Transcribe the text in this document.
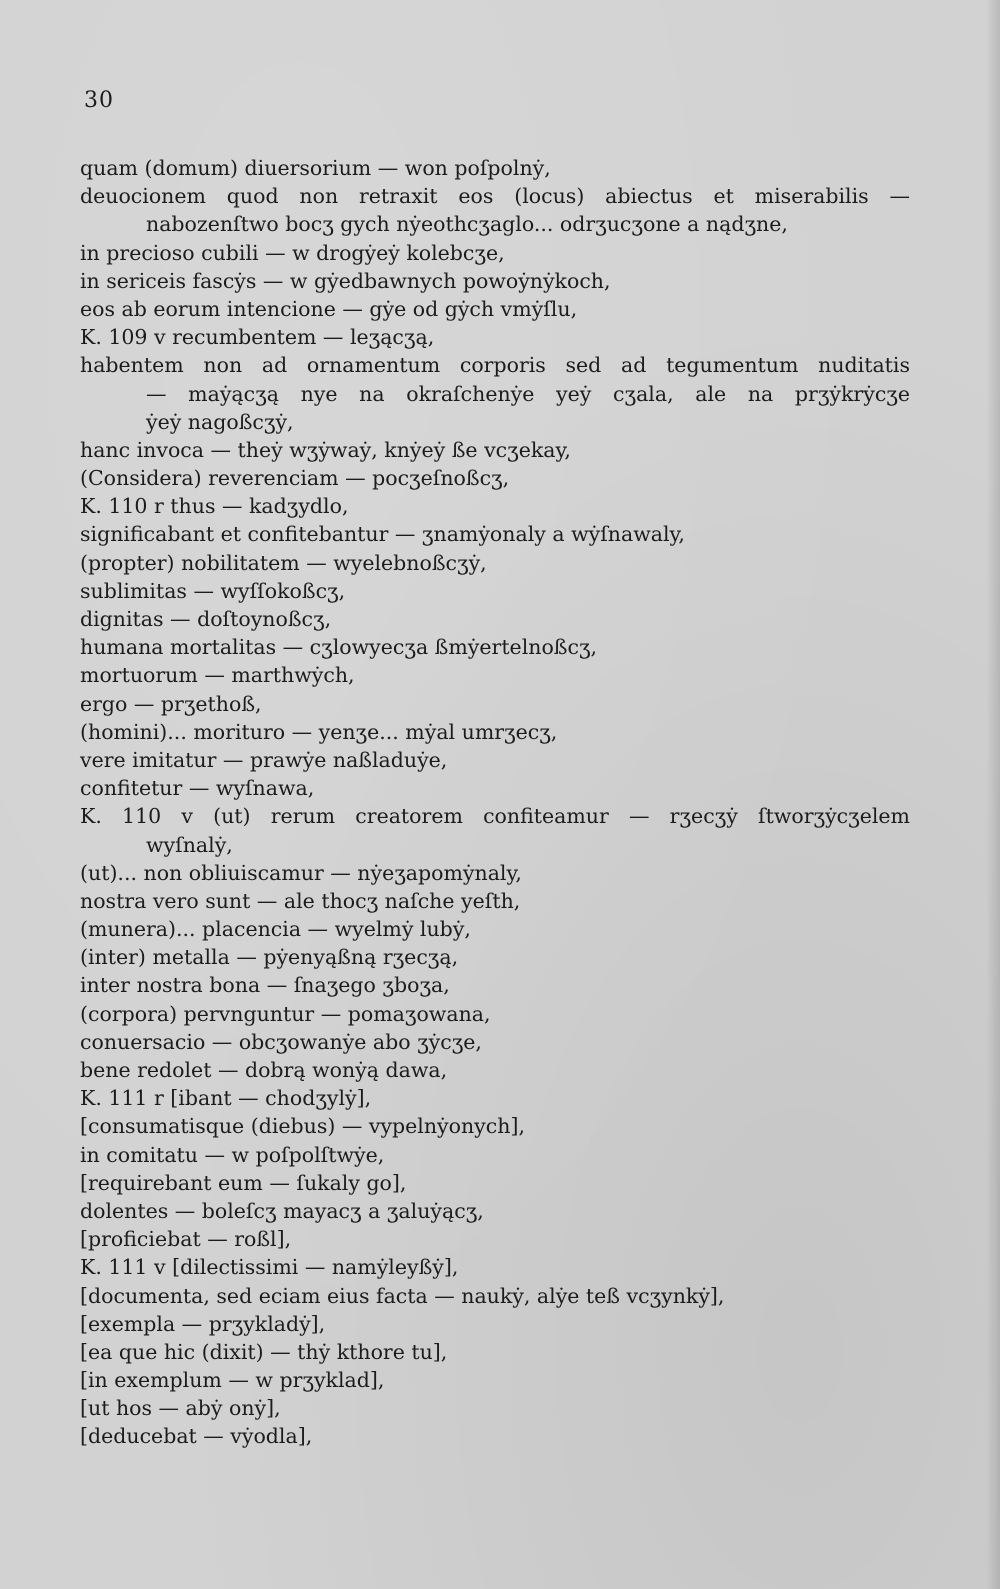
30
quam (domum) diuersorium — won poſpolnẏ,
deuocionem quod non retraxit eos (locus) abiectus et miserabilis —
nabozenſtwo bocʒ gych nẏeothcʒaglo... odrʒucʒone a nądʒne,
in precioso cubili — w drogẏeẏ kolebcʒe,
in sericeis fascẏs — w gẏedbawnych powoẏnẏkoch,
eos ab eorum intencione — gẏe od gẏch vmẏſlu,
K. 109 v recumbentem — leʒącʒą,
habentem non ad ornamentum corporis sed ad tegumentum nuditatis
— maẏącʒą nye na okraſchenẏe yeẏ cʒala, ale na prʒẏkrẏcʒe
ẏeẏ nagoßcʒẏ,
hanc invoca — theẏ wʒẏwaẏ, knẏeẏ ße vcʒekay,
(Considera) reverenciam — pocʒeſnoßcʒ,
K. 110 r thus — kadʒydlo,
significabant et confitebantur — ʒnamẏonaly a wẏſnawaly,
(propter) nobilitatem — wyelebnoßcʒẏ,
sublimitas — wyſſokoßcʒ,
dignitas — doſtoynoßcʒ,
humana mortalitas — cʒlowyecʒa ßmẏertelnoßcʒ,
mortuorum — marthwẏch,
ergo — prʒethoß,
(homini)... morituro — yenʒe... mẏal umrʒecʒ,
vere imitatur — prawẏe naßladuẏe,
confitetur — wyſnawa,
K. 110 v (ut) rerum creatorem confiteamur — rʒecʒẏ ſtworʒẏcʒelem
wyſnalẏ,
(ut)... non obliuiscamur — nẏeʒapomẏnaly,
nostra vero sunt — ale thocʒ naſche yeſth,
(munera)... placencia — wyelmẏ lubẏ,
(inter) metalla — pẏenyąßną rʒecʒą,
inter nostra bona — ſnaʒego ʒboʒa,
(corpora) pervnguntur — pomaʒowana,
conuersacio — obcʒowanẏe abo ʒẏcʒe,
bene redolet — dobrą wonẏą dawa,
K. 111 r [ibant — chodʒylẏ],
[consumatisque (diebus) — vypelnẏonych],
in comitatu — w poſpolſtwẏe,
[requirebant eum — ſukaly go],
dolentes — boleſcʒ mayacʒ a ʒaluẏącʒ,
[proficiebat — roßl],
K. 111 v [dilectissimi — namẏleyßẏ],
[documenta, sed eciam eius facta — naukẏ, alẏe teß vcʒynkẏ],
[exempla — prʒykladẏ],
[ea que hic (dixit) — thẏ kthore tu],
[in exemplum — w prʒyklad],
[ut hos — abẏ onẏ],
[deducebat — vẏodla],
